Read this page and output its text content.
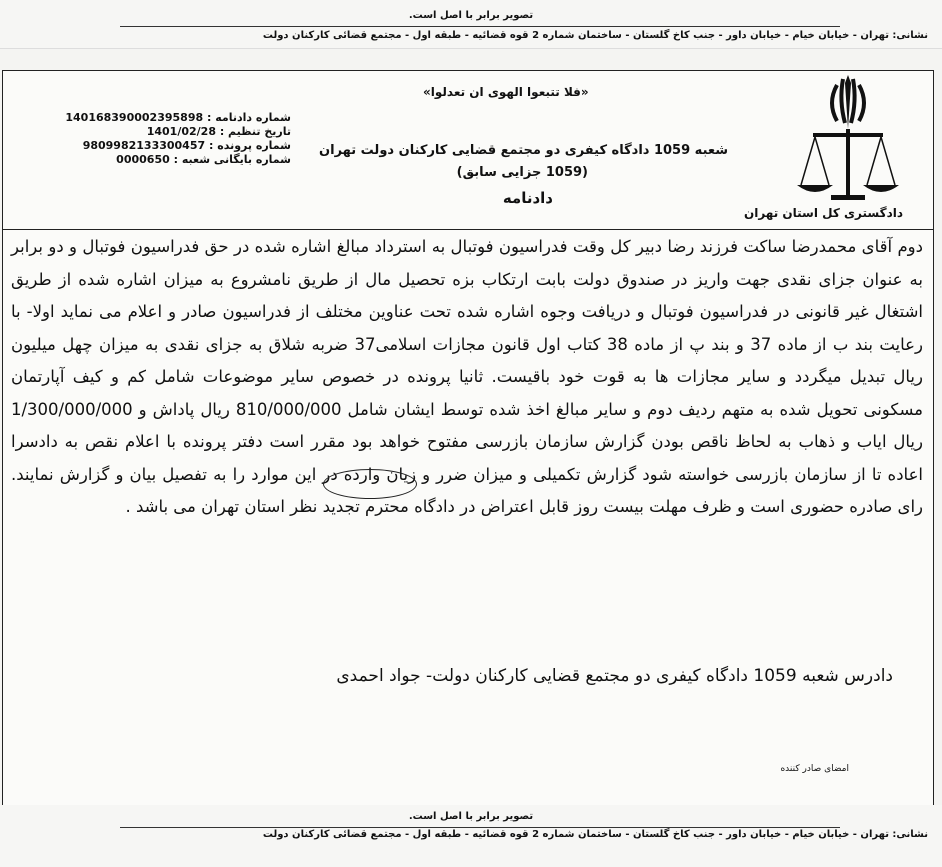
تصویر برابر با اصل است.
نشانی: تهران - خیابان خیام - خیابان داور - جنب کاخ گلستان - ساختمان شماره 2 قوه قضائیه - طبقه اول - مجتمع قضائی کارکنان دولت
دادگستری کل استان تهران
«فلا تتبعوا الهوی ان تعدلوا»
شعبه 1059 دادگاه کیفری دو مجتمع قضایی کارکنان دولت تهران
(1059 جزایی سابق)
دادنامه
شماره دادنامه : 140168390002395898
تاریخ تنظیم : 1401/02/28
شماره پرونده : 9809982133300457
شماره بایگانی شعبه : 0000650
دوم آقای محمدرضا ساکت فرزند رضا دبیر کل وقت فدراسیون فوتبال به استرداد مبالغ اشاره شده در حق فدراسیون فوتبال و دو برابر به عنوان جزای نقدی جهت واریز در صندوق دولت بابت ارتکاب بزه تحصیل مال از طریق نامشروع به میزان اشاره شده از طریق اشتغال غیر قانونی در فدراسیون فوتبال و دریافت وجوه اشاره شده تحت عناوین مختلف از فدراسیون صادر و اعلام می نماید اولا- با رعایت بند ب از ماده 37 و بند پ از ماده 38 کتاب اول قانون مجازات اسلامی37 ضربه شلاق به جزای نقدی به میزان چهل میلیون ریال تبدیل میگردد و سایر مجازات ها به قوت خود باقیست. ثانیا پرونده در خصوص سایر موضوعات شامل کم و کیف آپارتمان مسکونی تحویل شده به متهم ردیف دوم و سایر مبالغ اخذ شده توسط ایشان شامل 810/000/000 ریال پاداش و 1/300/000/000 ریال ایاب و ذهاب به لحاظ ناقص بودن گزارش سازمان بازرسی مفتوح خواهد بود مقرر است دفتر پرونده با اعلام نقص به دادسرا اعاده تا از سازمان بازرسی خواسته شود گزارش تکمیلی و میزان ضرر و زیان وارده در این موارد را به تفصیل بیان و گزارش نمایند. رای صادره حضوری است و ظرف مهلت بیست روز قابل اعتراض در دادگاه محترم تجدید نظر استان تهران می باشد .
دادرس شعبه 1059 دادگاه کیفری دو مجتمع قضایی کارکنان دولت- جواد احمدی
امضای صادر کننده
تصویر برابر با اصل است.
نشانی: تهران - خیابان خیام - خیابان داور - جنب کاخ گلستان - ساختمان شماره 2 قوه قضائیه - طبقه اول - مجتمع قضائی کارکنان دولت
